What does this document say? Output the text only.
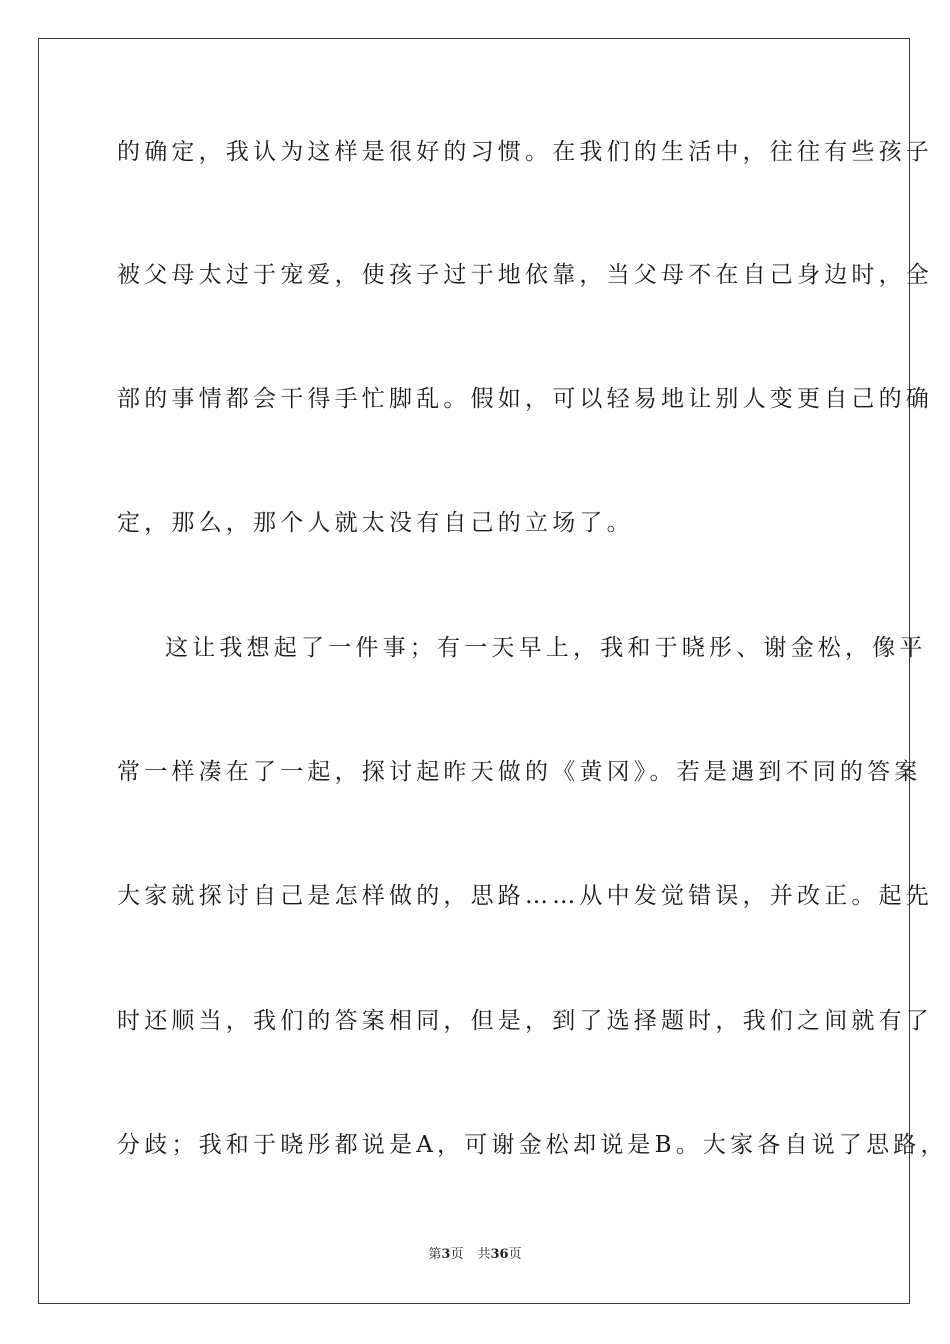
的确定，我认为这样是很好的习惯。在我们的生活中，往往有些孩子
被父母太过于宠爱，使孩子过于地依靠，当父母不在自己身边时，全
部的事情都会干得手忙脚乱。假如，可以轻易地让别人变更自己的确
定，那么，那个人就太没有自己的立场了。
这让我想起了一件事；有一天早上，我和于晓彤、谢金松，像平
常一样凑在了一起，探讨起昨天做的《黄冈》。若是遇到不同的答案
大家就探讨自己是怎样做的，思路……从中发觉错误，并改正。起先
时还顺当，我们的答案相同，但是，到了选择题时，我们之间就有了
分歧；我和于晓彤都说是A，可谢金松却说是B。大家各自说了思路，
第3页 共36页
